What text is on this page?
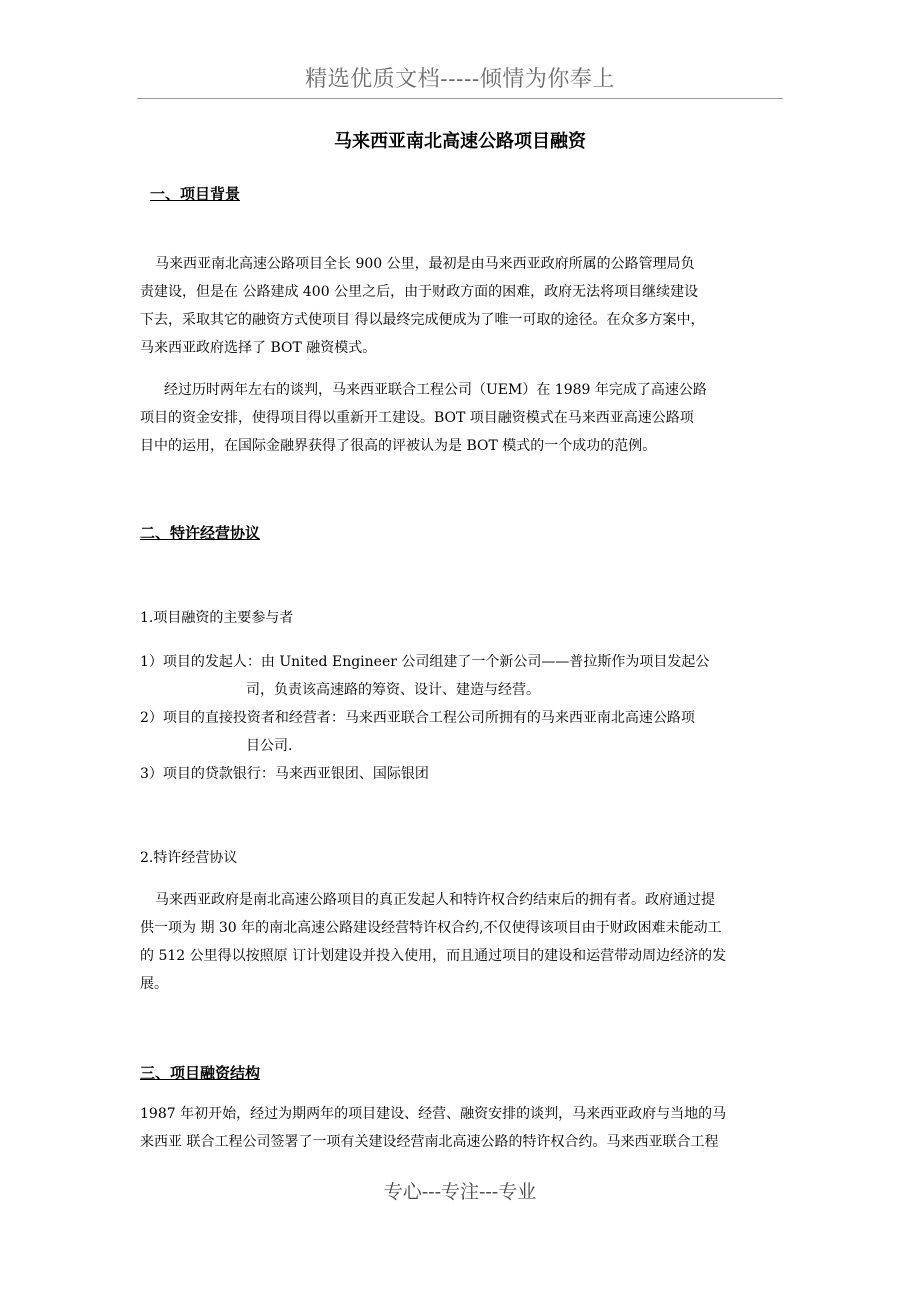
精选优质文档-----倾情为你奉上
马来西亚南北高速公路项目融资
一、项目背景
马来西亚南北高速公路项目全长 900 公里，最初是由马来西亚政府所属的公路管理局负
责建设，但是在 公路建成 400 公里之后，由于财政方面的困难，政府无法将项目继续建设
下去，采取其它的融资方式使项目 得以最终完成便成为了唯一可取的途径。在众多方案中，
马来西亚政府选择了 BOT 融资模式。
经过历时两年左右的谈判，马来西亚联合工程公司（UEM）在 1989 年完成了高速公路
项目的资金安排，使得项目得以重新开工建设。BOT 项目融资模式在马来西亚高速公路项
目中的运用，在国际金融界获得了很高的评被认为是 BOT 模式的一个成功的范例。
二、特许经营协议
1.项目融资的主要参与者
1）项目的发起人：由 United Engineer 公司组建了一个新公司——普拉斯作为项目发起公
司，负责该高速路的筹资、设计、建造与经营。
2）项目的直接投资者和经营者：马来西亚联合工程公司所拥有的马来西亚南北高速公路项
目公司.
3）项目的贷款银行：马来西亚银团、国际银团
2.特许经营协议
马来西亚政府是南北高速公路项目的真正发起人和特许权合约结束后的拥有者。政府通过提
供一项为 期 30 年的南北高速公路建设经营特许权合约,不仅使得该项目由于财政困难未能动工
的 512 公里得以按照原 订计划建设并投入使用，而且通过项目的建设和运营带动周边经济的发
展。
三、项目融资结构
1987 年初开始，经过为期两年的项目建设、经营、融资安排的谈判，马来西亚政府与当地的马
来西亚 联合工程公司签署了一项有关建设经营南北高速公路的特许权合约。马来西亚联合工程
专心---专注---专业
